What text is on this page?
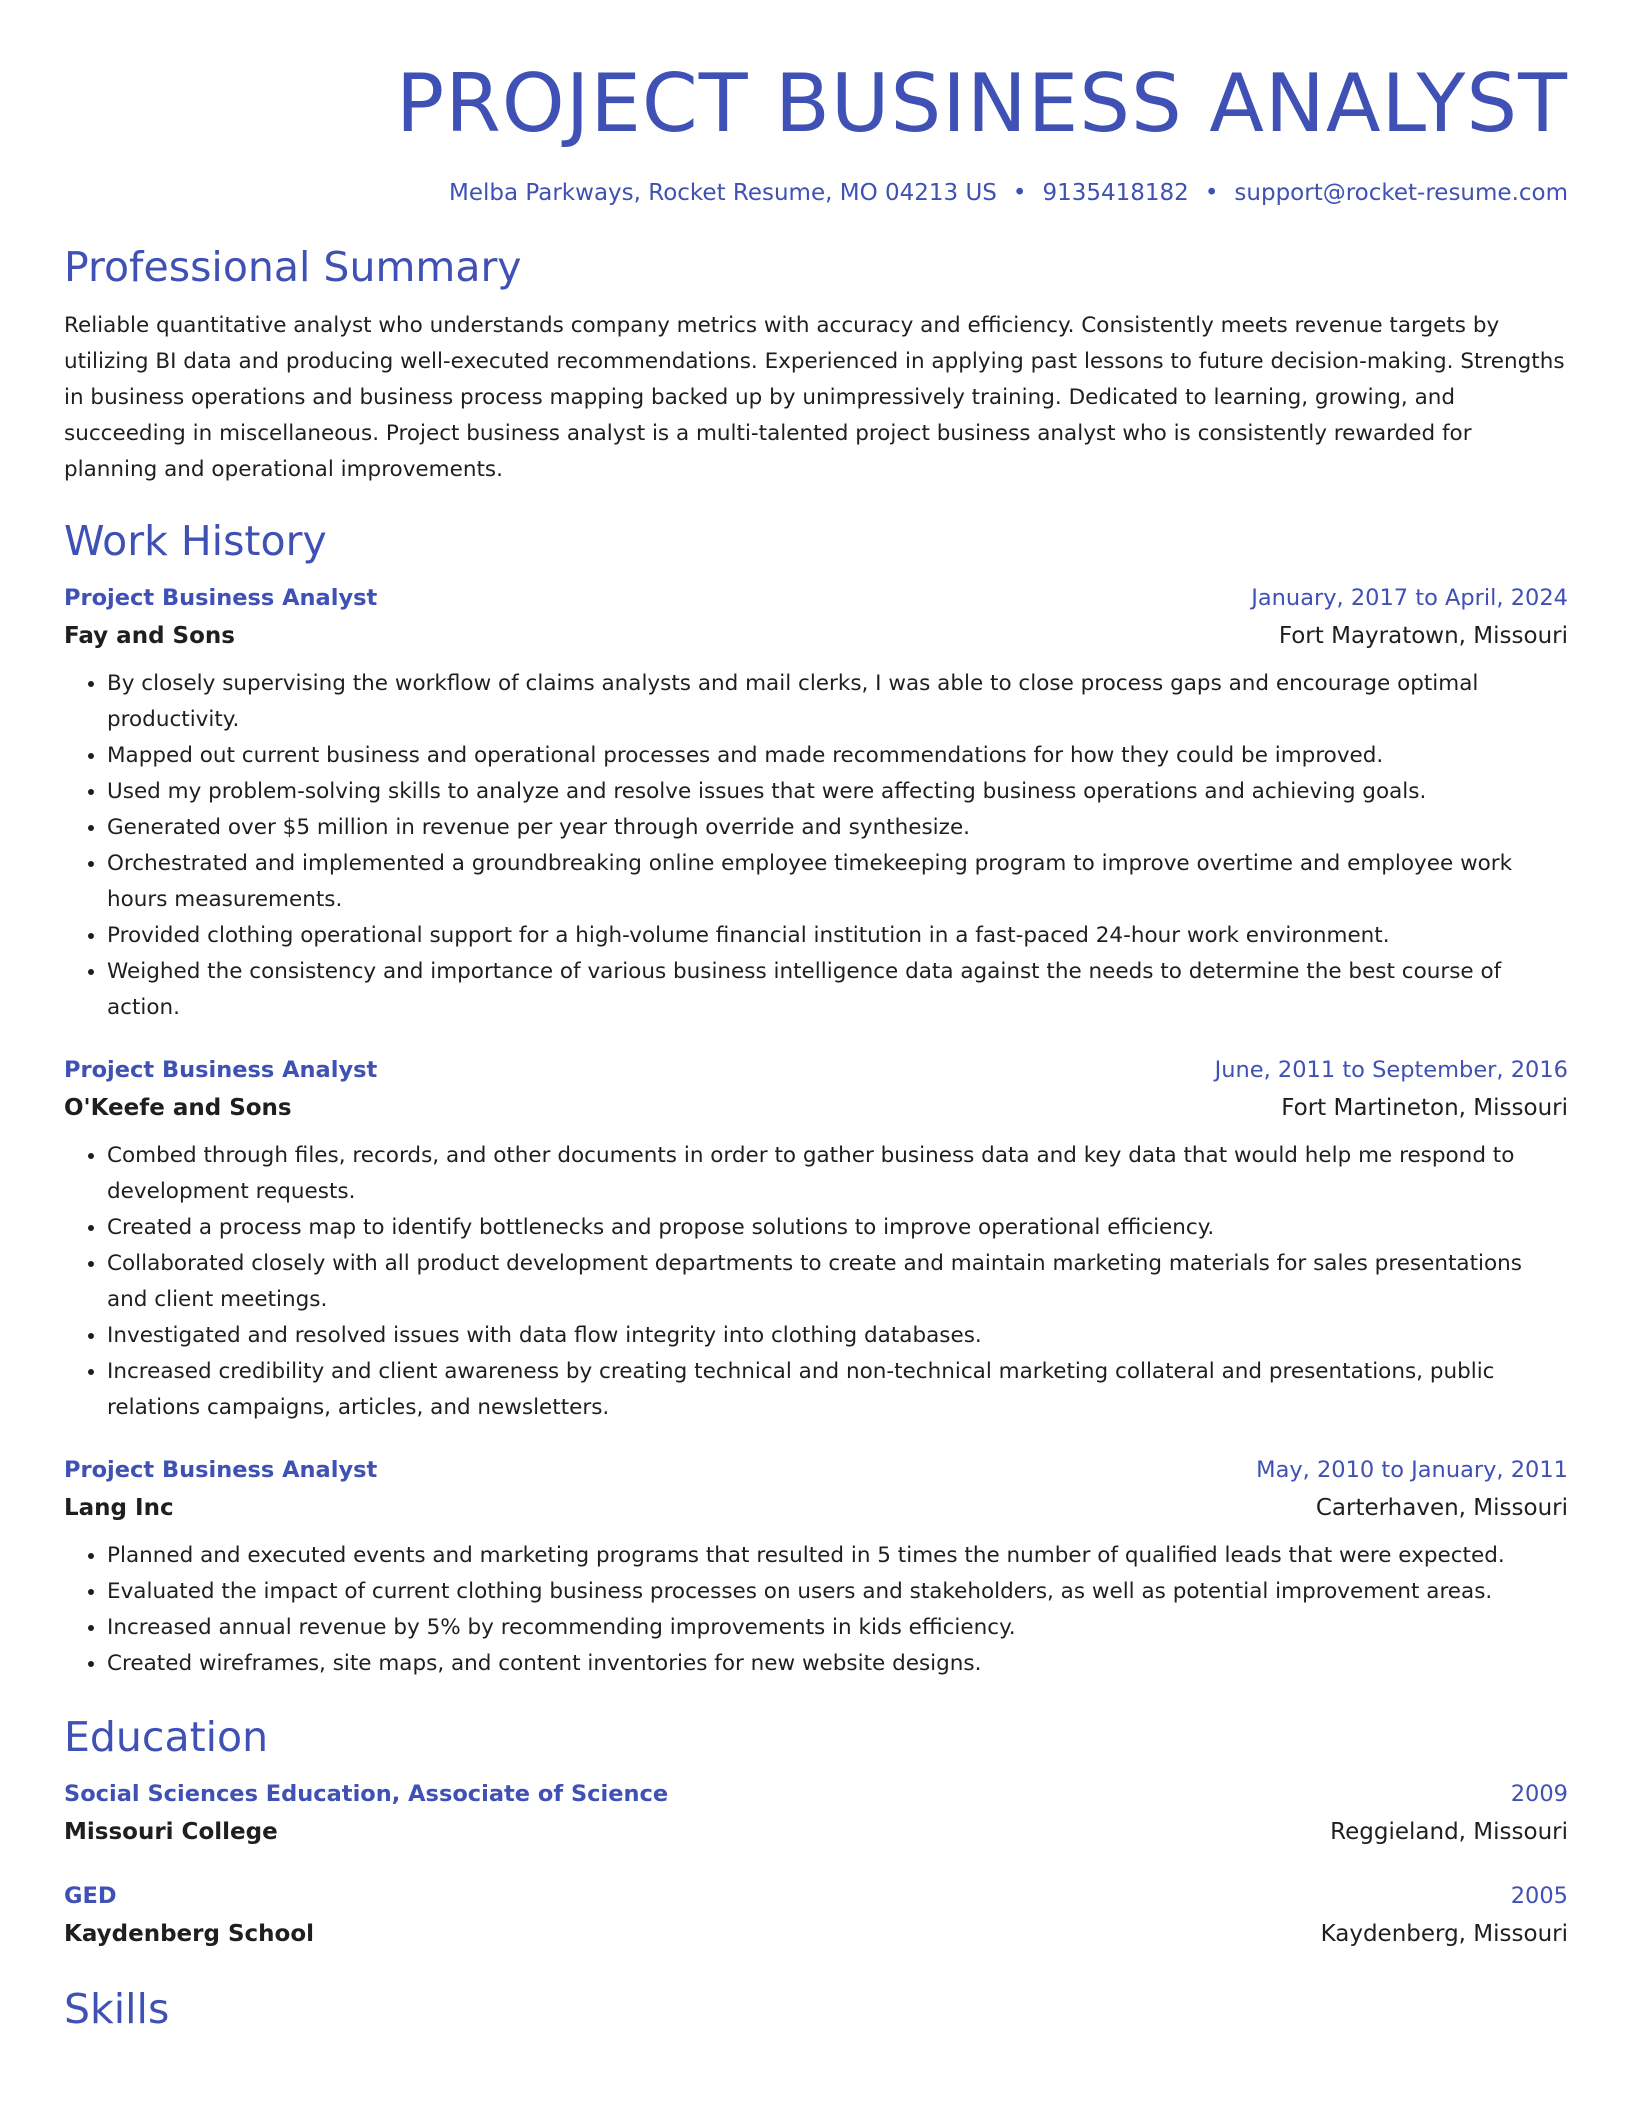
PROJECT BUSINESS ANALYST
Melba Parkways, Rocket Resume, MO 04213 US • 9135418182 • support@rocket-resume.com
Professional Summary

Reliable quantitative analyst who understands company metrics with accuracy and efficiency. Consistently meets revenue targets by utilizing BI data and producing well-executed recommendations. Experienced in applying past lessons to future decision-making. Strengths in business operations and business process mapping backed up by unimpressively training. Dedicated to learning, growing, and succeeding in miscellaneous. Project business analyst is a multi-talented project business analyst who is consistently rewarded for planning and operational improvements.

Work History
Project Business Analyst	January, 2017 to April, 2024
Fay and Sons	Fort Mayratown, Missouri
• By closely supervising the workflow of claims analysts and mail clerks, I was able to close process gaps and encourage optimal productivity.
• Mapped out current business and operational processes and made recommendations for how they could be improved.
• Used my problem-solving skills to analyze and resolve issues that were affecting business operations and achieving goals.
• Generated over $5 million in revenue per year through override and synthesize.
• Orchestrated and implemented a groundbreaking online employee timekeeping program to improve overtime and employee work hours measurements.
• Provided clothing operational support for a high-volume financial institution in a fast-paced 24-hour work environment.
• Weighed the consistency and importance of various business intelligence data against the needs to determine the best course of action.
Project Business Analyst	June, 2011 to September, 2016
O'Keefe and Sons	Fort Martineton, Missouri
• Combed through files, records, and other documents in order to gather business data and key data that would help me respond to development requests.
• Created a process map to identify bottlenecks and propose solutions to improve operational efficiency.
• Collaborated closely with all product development departments to create and maintain marketing materials for sales presentations and client meetings.
• Investigated and resolved issues with data flow integrity into clothing databases.
• Increased credibility and client awareness by creating technical and non-technical marketing collateral and presentations, public relations campaigns, articles, and newsletters.
Project Business Analyst	May, 2010 to January, 2011
Lang Inc	Carterhaven, Missouri
• Planned and executed events and marketing programs that resulted in 5 times the number of qualified leads that were expected.
• Evaluated the impact of current clothing business processes on users and stakeholders, as well as potential improvement areas.
• Increased annual revenue by 5% by recommending improvements in kids efficiency.
• Created wireframes, site maps, and content inventories for new website designs.
Education
Social Sciences Education, Associate of Science	2009
Missouri College	Reggieland, Missouri
GED	2005
Kaydenberg School	Kaydenberg, Missouri
Skills
